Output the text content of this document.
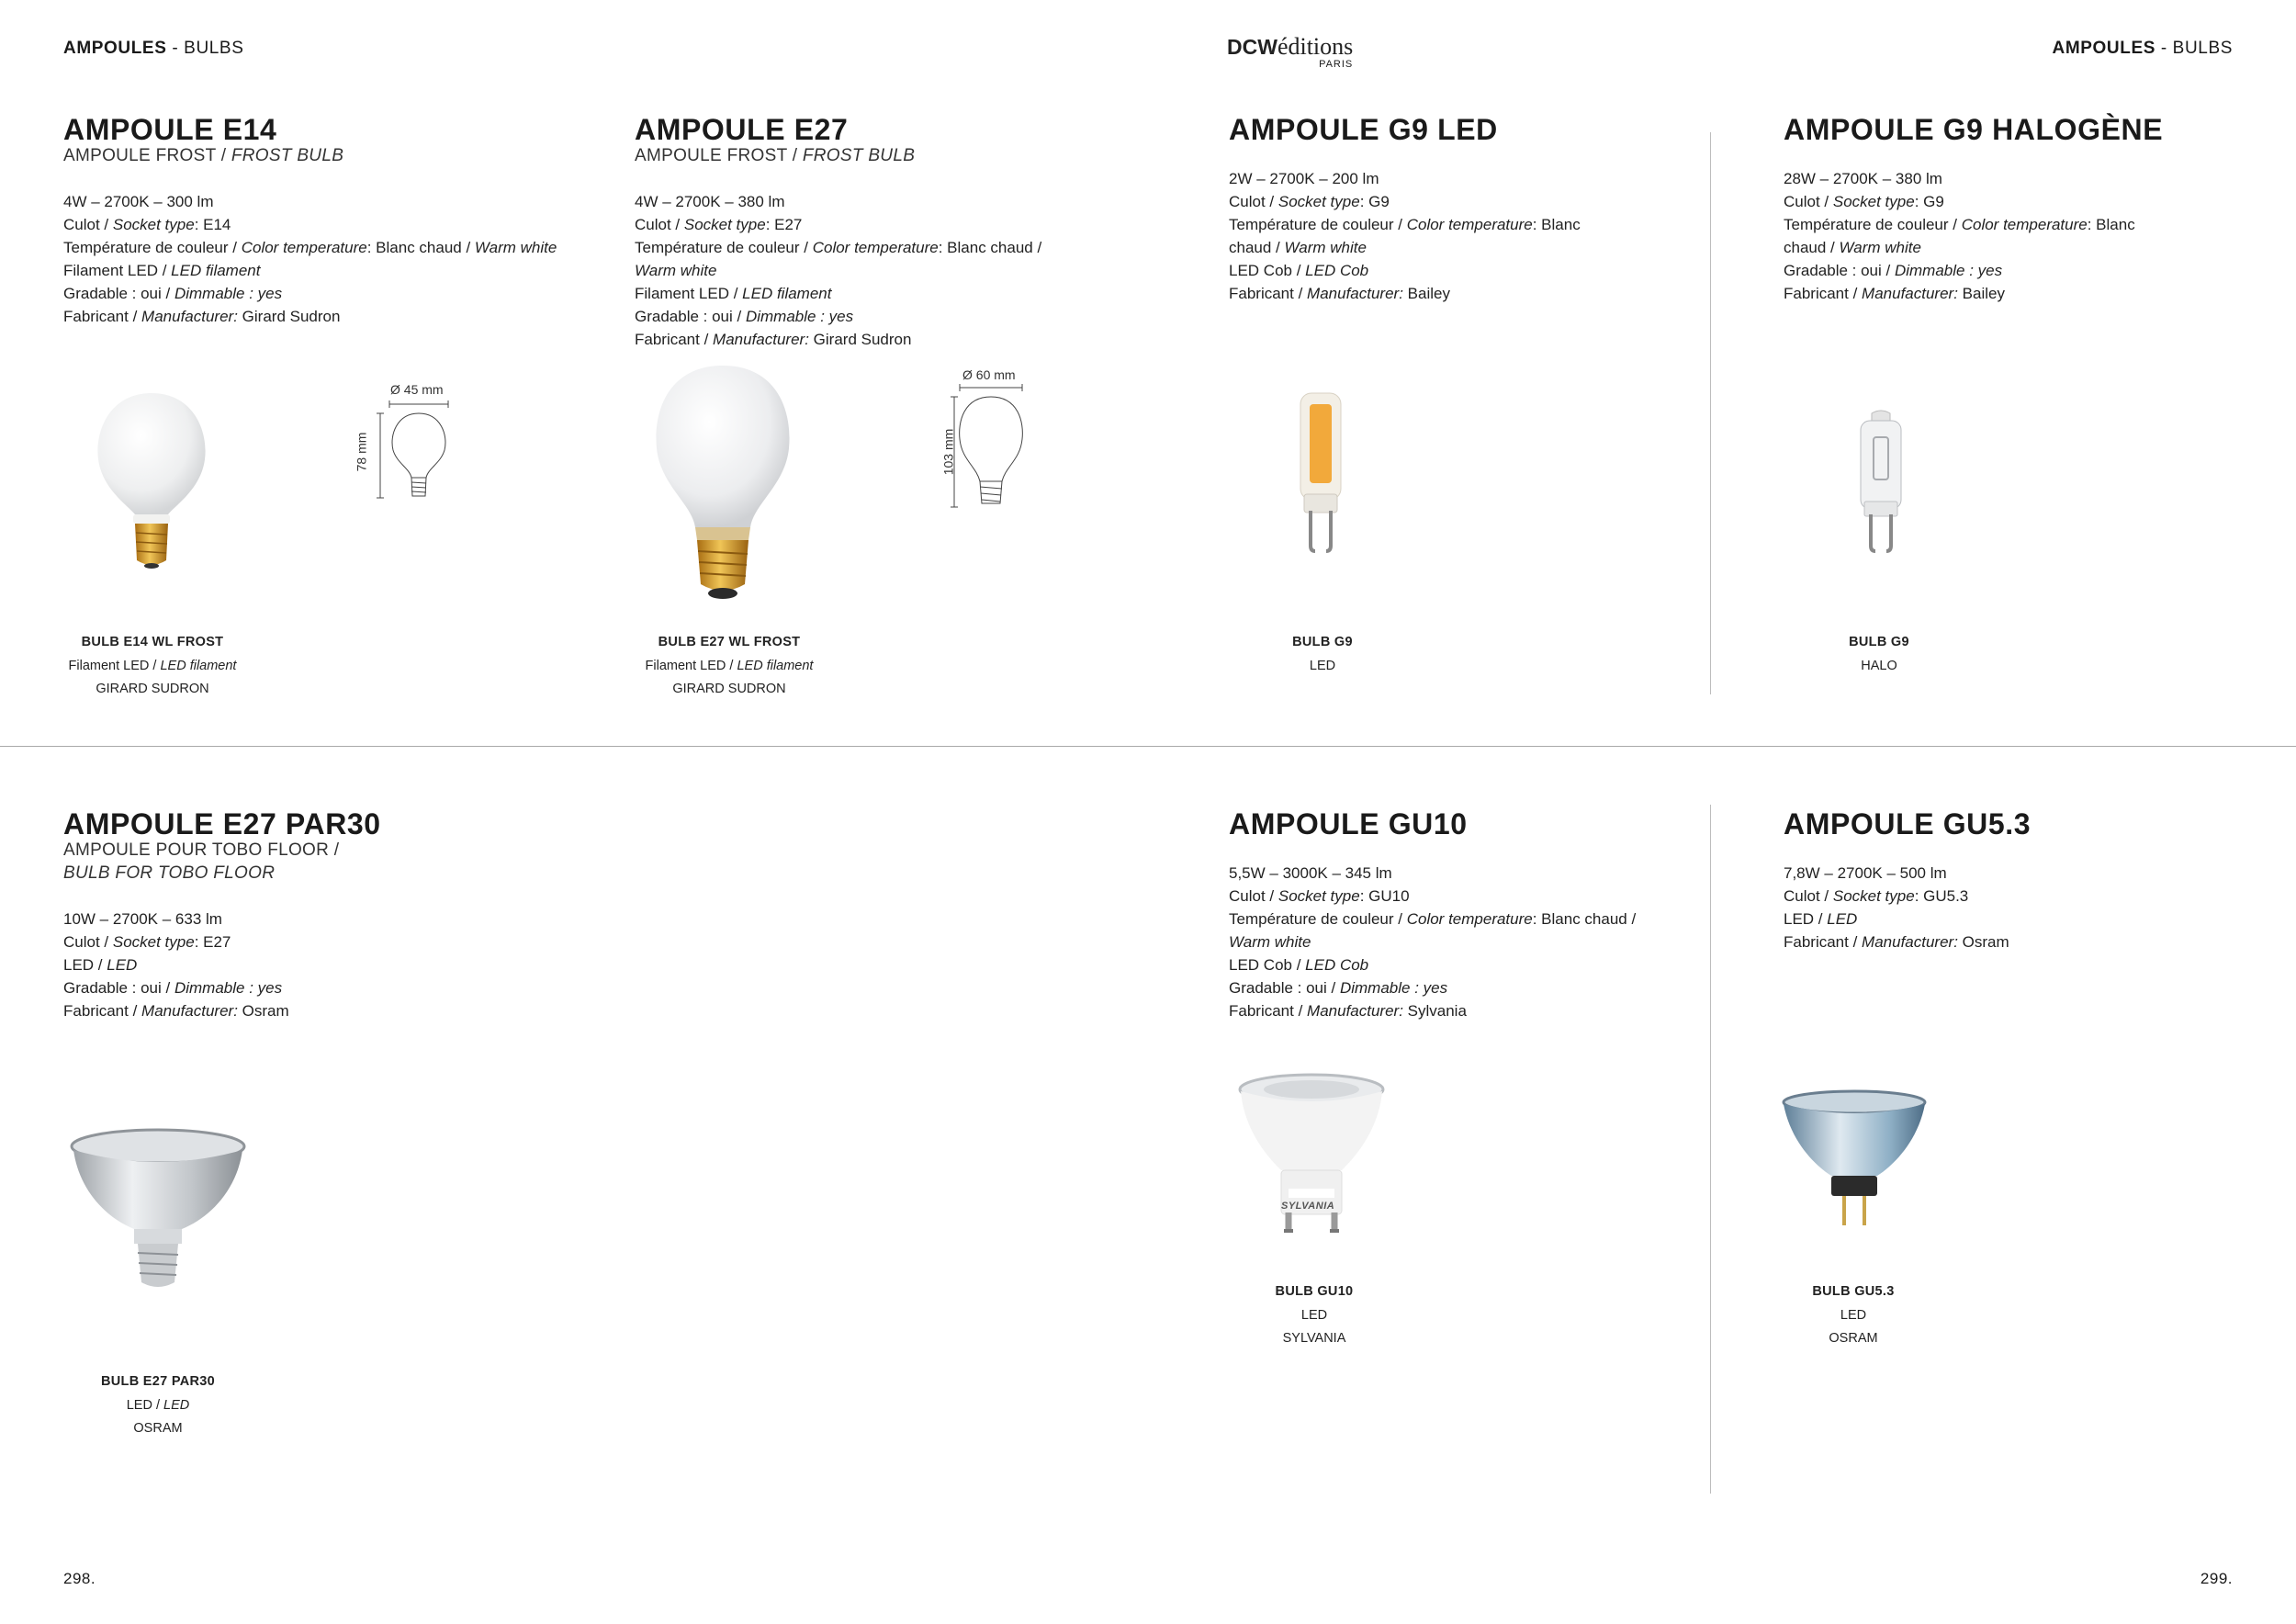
AMPOULES - BULBS	DCWéditions
PARIS
AMPOULES - BULBS
AMPOULE E14
AMPOULE FROST / FROST BULB
4W – 2700K – 300 lm
Culot / Socket type: E14
Température de couleur / Color temperature: Blanc chaud / Warm white
Filament LED / LED filament
Gradable : oui / Dimmable : yes
Fabricant / Manufacturer: Girard Sudron
Ø 45 mm
78 mm
BULB E14 WL FROST
Filament LED / LED filament
GIRARD SUDRON
AMPOULE E27
AMPOULE FROST / FROST BULB
4W – 2700K – 380 lm
Culot / Socket type: E27
Température de couleur / Color temperature: Blanc chaud /
Warm white
Filament LED / LED filament
Gradable : oui / Dimmable : yes
Fabricant / Manufacturer: Girard Sudron
Ø 60 mm
103 mm
BULB E27 WL FROST
Filament LED / LED filament
GIRARD SUDRON
AMPOULE G9 LED
2W – 2700K – 200 lm
Culot / Socket type: G9
Température de couleur / Color temperature: Blanc
chaud / Warm white
LED Cob / LED Cob
Fabricant / Manufacturer: Bailey
BULB G9
LED
AMPOULE G9 HALOGÈNE
28W – 2700K – 380 lm
Culot / Socket type: G9
Température de couleur / Color temperature: Blanc
chaud / Warm white
Gradable : oui / Dimmable : yes
Fabricant / Manufacturer: Bailey
BULB G9
HALO
AMPOULE E27 PAR30
AMPOULE POUR TOBO FLOOR /
BULB FOR TOBO FLOOR
10W – 2700K – 633 lm
Culot / Socket type: E27
LED / LED
Gradable : oui / Dimmable : yes
Fabricant / Manufacturer: Osram
BULB E27 PAR30
LED / LED
OSRAM
AMPOULE GU10
5,5W – 3000K – 345 lm
Culot / Socket type: GU10
Température de couleur / Color temperature: Blanc chaud /
Warm white
LED Cob / LED Cob
Gradable : oui / Dimmable : yes
Fabricant / Manufacturer: Sylvania
SYLVANIA
BULB GU10
LED
SYLVANIA
AMPOULE GU5.3
7,8W – 2700K – 500 lm
Culot / Socket type: GU5.3
LED / LED
Fabricant / Manufacturer: Osram
BULB GU5.3
LED
OSRAM
298.	299.
